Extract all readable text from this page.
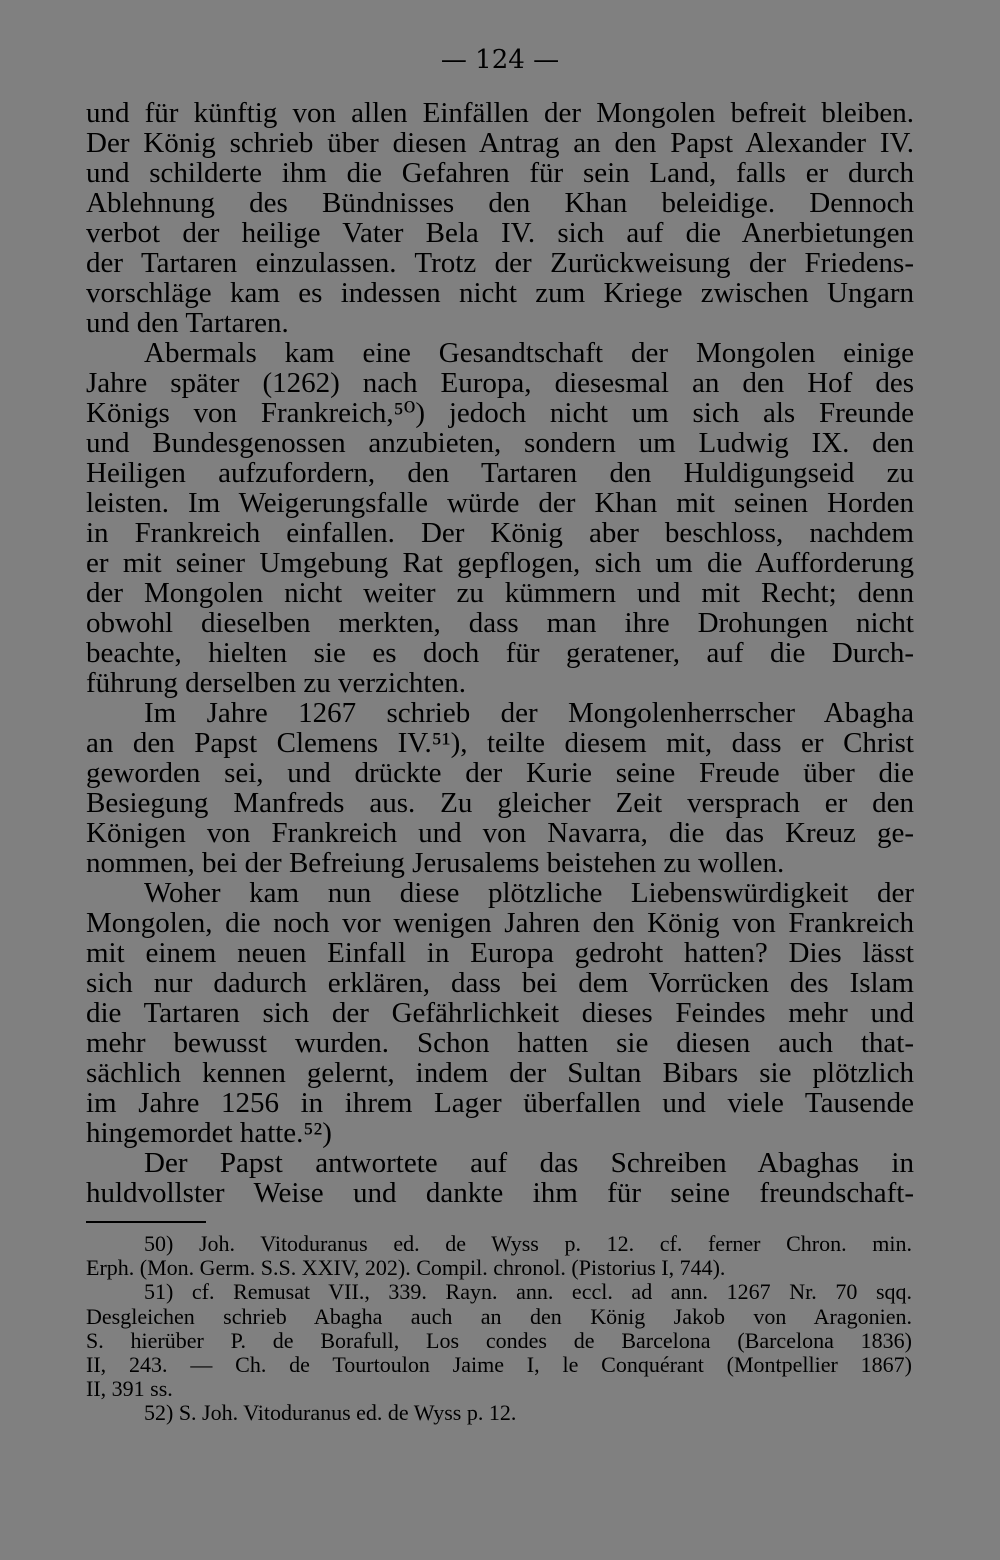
— 124 —

und für künftig von allen Einfällen der Mongolen befreit bleiben.
Der König schrieb über diesen Antrag an den Papst Alexander IV.
und schilderte ihm die Gefahren für sein Land, falls er durch
Ablehnung des Bündnisses den Khan beleidige. Dennoch
verbot der heilige Vater Bela IV. sich auf die Anerbietungen
der Tartaren einzulassen. Trotz der Zurückweisung der Friedens-
vorschläge kam es indessen nicht zum Kriege zwischen Ungarn
und den Tartaren.

Abermals kam eine Gesandtschaft der Mongolen einige
Jahre später (1262) nach Europa, diesesmal an den Hof des
Königs von Frankreich,⁵⁰) jedoch nicht um sich als Freunde
und Bundesgenossen anzubieten, sondern um Ludwig IX. den
Heiligen aufzufordern, den Tartaren den Huldigungseid zu
leisten. Im Weigerungsfalle würde der Khan mit seinen Horden
in Frankreich einfallen. Der König aber beschloss, nachdem
er mit seiner Umgebung Rat gepflogen, sich um die Aufforderung
der Mongolen nicht weiter zu kümmern und mit Recht; denn
obwohl dieselben merkten, dass man ihre Drohungen nicht
beachte, hielten sie es doch für geratener, auf die Durch-
führung derselben zu verzichten.

Im Jahre 1267 schrieb der Mongolenherrscher Abagha
an den Papst Clemens IV.⁵¹), teilte diesem mit, dass er Christ
geworden sei, und drückte der Kurie seine Freude über die
Besiegung Manfreds aus. Zu gleicher Zeit versprach er den
Königen von Frankreich und von Navarra, die das Kreuz ge-
nommen, bei der Befreiung Jerusalems beistehen zu wollen.

Woher kam nun diese plötzliche Liebenswürdigkeit der
Mongolen, die noch vor wenigen Jahren den König von Frankreich
mit einem neuen Einfall in Europa gedroht hatten? Dies lässt
sich nur dadurch erklären, dass bei dem Vorrücken des Islam
die Tartaren sich der Gefährlichkeit dieses Feindes mehr und
mehr bewusst wurden. Schon hatten sie diesen auch that-
sächlich kennen gelernt, indem der Sultan Bibars sie plötzlich
im Jahre 1256 in ihrem Lager überfallen und viele Tausende
hingemordet hatte.⁵²)

Der Papst antwortete auf das Schreiben Abaghas in
huldvollster Weise und dankte ihm für seine freundschaft-

50) Joh. Vitoduranus ed. de Wyss p. 12. cf. ferner Chron. min.
Erph. (Mon. Germ. S.S. XXIV, 202). Compil. chronol. (Pistorius I, 744).
51) cf. Remusat VII., 339. Rayn. ann. eccl. ad ann. 1267 Nr. 70 sqq.
Desgleichen schrieb Abagha auch an den König Jakob von Aragonien.
S. hierüber P. de Borafull, Los condes de Barcelona (Barcelona 1836)
II, 243. — Ch. de Tourtoulon Jaime I, le Conquérant (Montpellier 1867)
II, 391 ss.
52) S. Joh. Vitoduranus ed. de Wyss p. 12.
